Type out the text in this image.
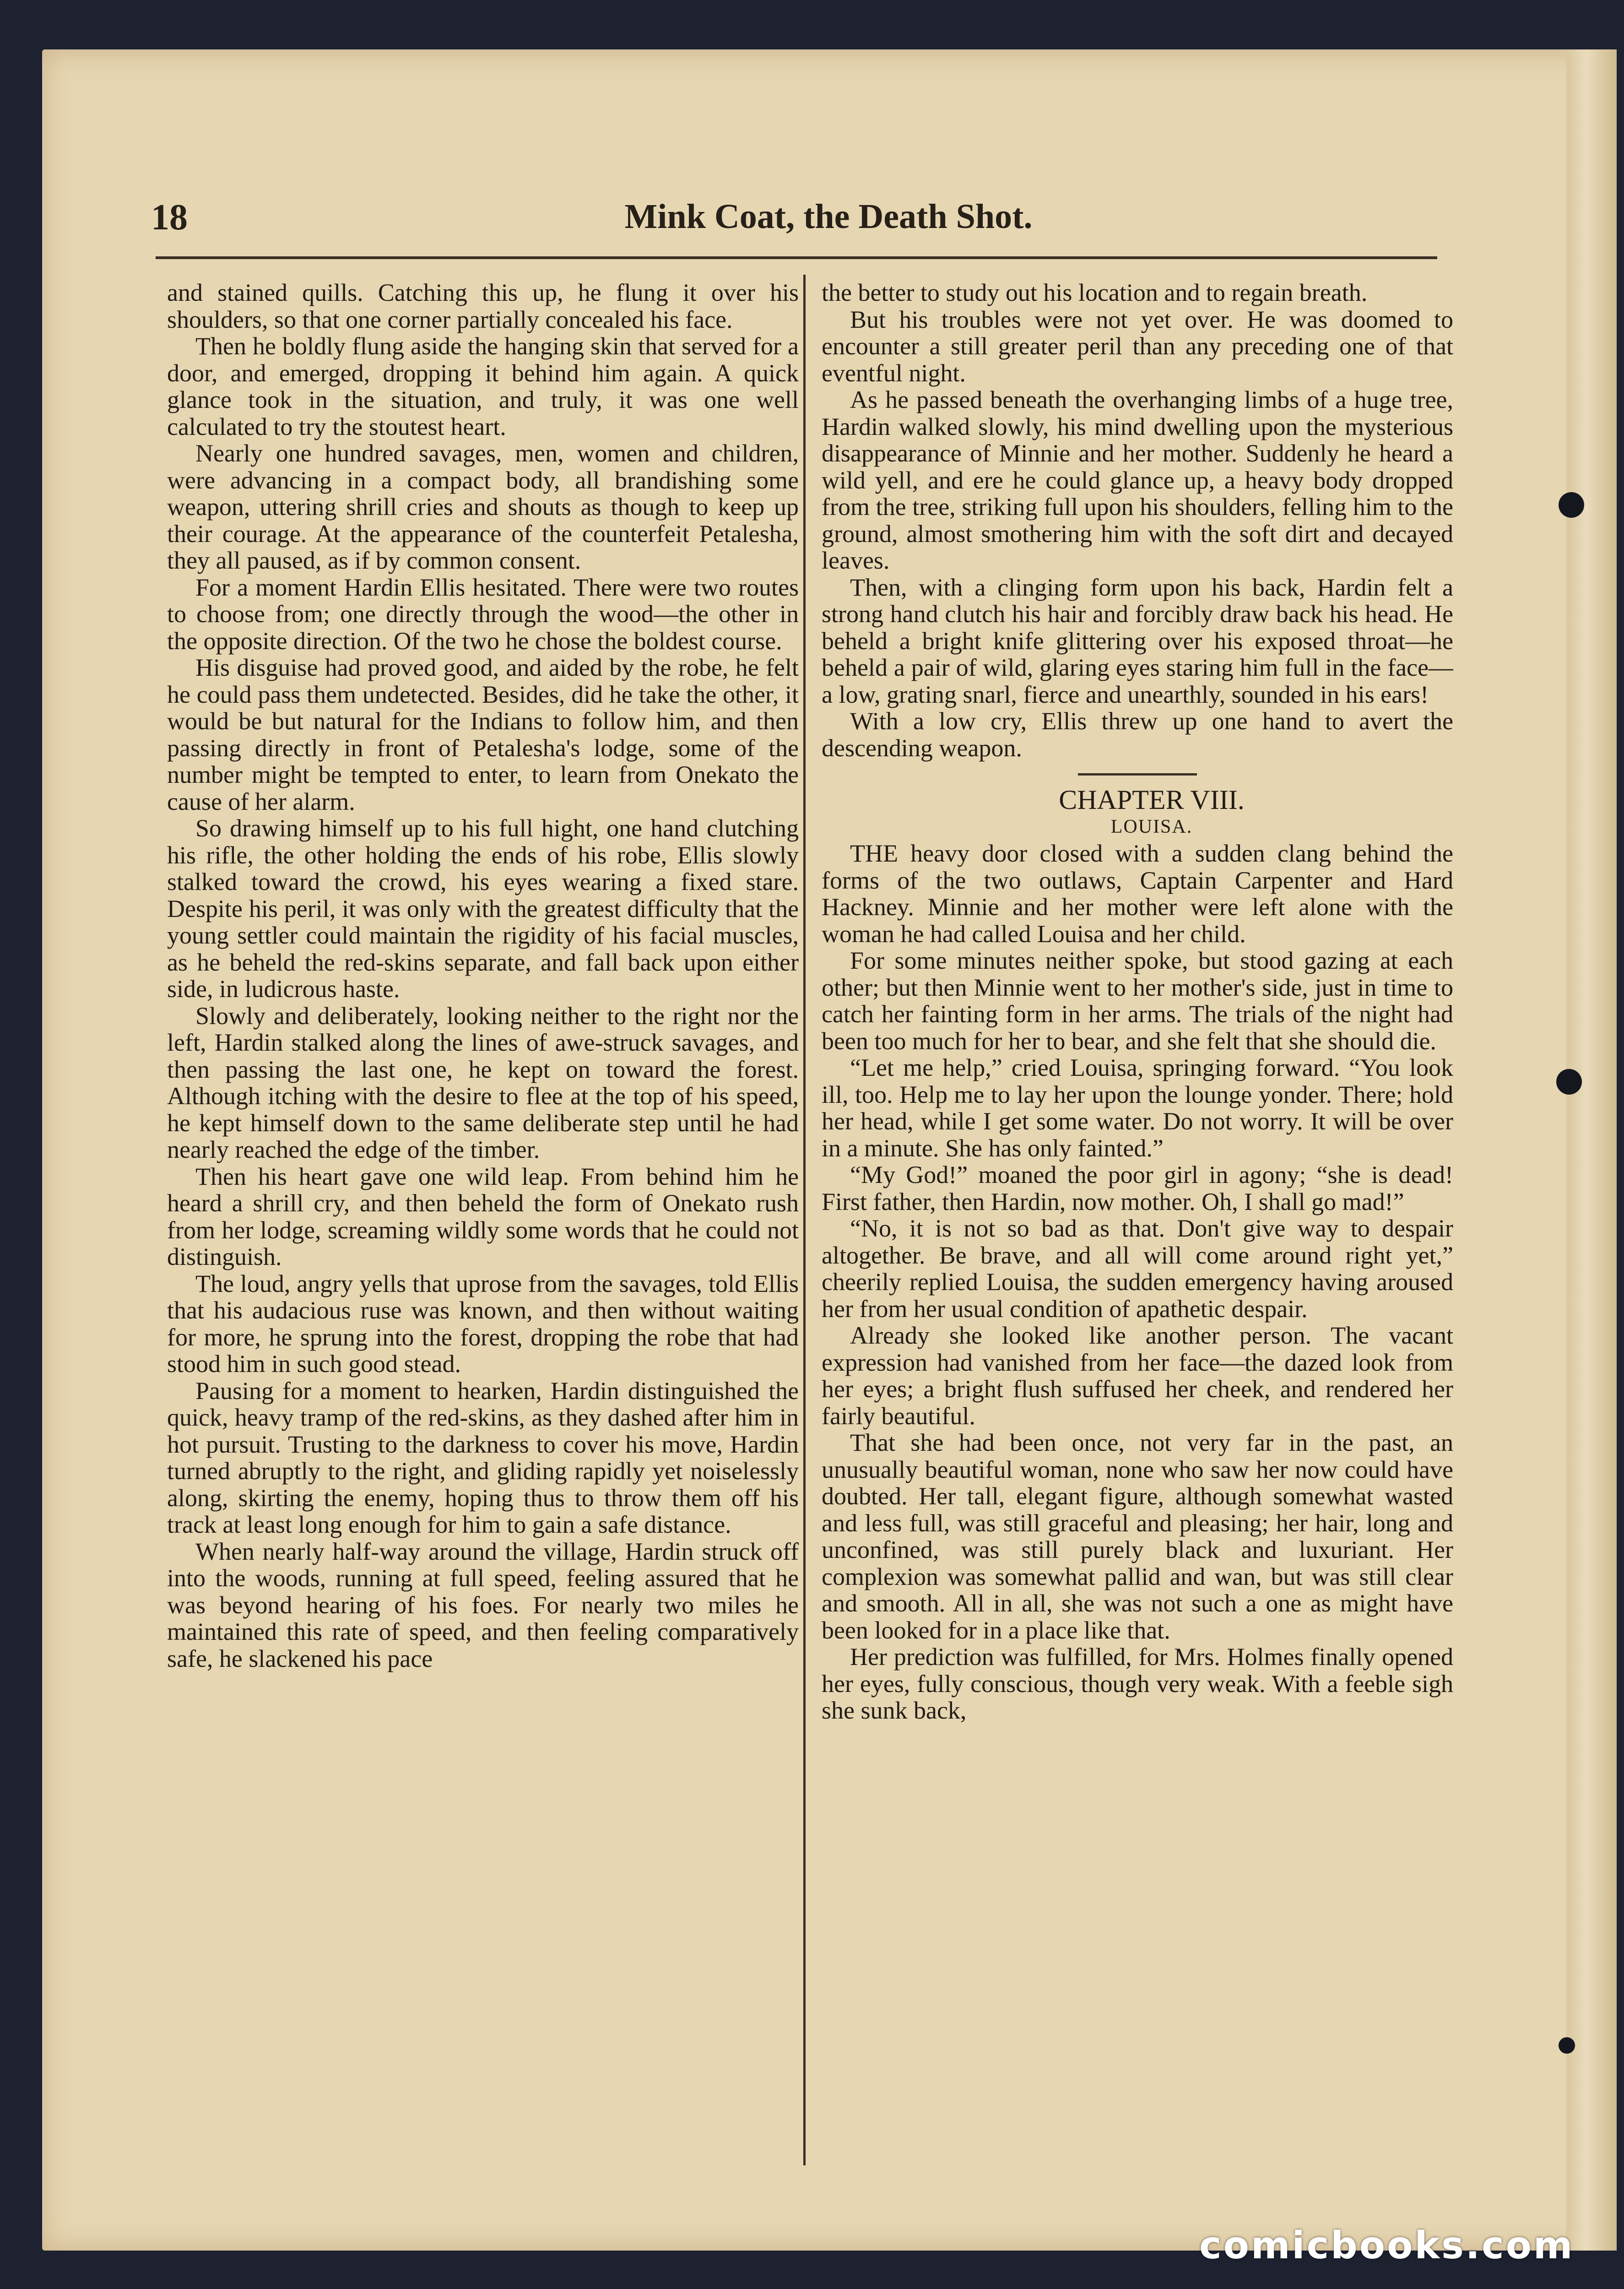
18	Mink Coat, the Death Shot.

and stained quills. Catching this up, he flung it over his shoulders, so that one corner partially concealed his face.

Then he boldly flung aside the hanging skin that served for a door, and emerged, dropping it behind him again. A quick glance took in the situation, and truly, it was one well calculated to try the stoutest heart.

Nearly one hundred savages, men, women and children, were advancing in a compact body, all brandishing some weapon, uttering shrill cries and shouts as though to keep up their courage. At the appearance of the counterfeit Petalesha, they all paused, as if by common consent.

For a moment Hardin Ellis hesitated. There were two routes to choose from; one directly through the wood—the other in the opposite direction. Of the two he chose the boldest course.

His disguise had proved good, and aided by the robe, he felt he could pass them undetected. Besides, did he take the other, it would be but natural for the Indians to follow him, and then passing directly in front of Petalesha's lodge, some of the number might be tempted to enter, to learn from Onekato the cause of her alarm.

So drawing himself up to his full hight, one hand clutching his rifle, the other holding the ends of his robe, Ellis slowly stalked toward the crowd, his eyes wearing a fixed stare. Despite his peril, it was only with the greatest difficulty that the young settler could maintain the rigidity of his facial muscles, as he beheld the red-skins separate, and fall back upon either side, in ludicrous haste.

Slowly and deliberately, looking neither to the right nor the left, Hardin stalked along the lines of awe-struck savages, and then passing the last one, he kept on toward the forest. Although itching with the desire to flee at the top of his speed, he kept himself down to the same deliberate step until he had nearly reached the edge of the timber.

Then his heart gave one wild leap. From behind him he heard a shrill cry, and then beheld the form of Onekato rush from her lodge, screaming wildly some words that he could not distinguish.

The loud, angry yells that uprose from the savages, told Ellis that his audacious ruse was known, and then without waiting for more, he sprung into the forest, dropping the robe that had stood him in such good stead.

Pausing for a moment to hearken, Hardin distinguished the quick, heavy tramp of the red-skins, as they dashed after him in hot pursuit. Trusting to the darkness to cover his move, Hardin turned abruptly to the right, and gliding rapidly yet noiselessly along, skirting the enemy, hoping thus to throw them off his track at least long enough for him to gain a safe distance.

When nearly half-way around the village, Hardin struck off into the woods, running at full speed, feeling assured that he was beyond hearing of his foes. For nearly two miles he maintained this rate of speed, and then feeling comparatively safe, he slackened his pace

the better to study out his location and to regain breath.

But his troubles were not yet over. He was doomed to encounter a still greater peril than any preceding one of that eventful night.

As he passed beneath the overhanging limbs of a huge tree, Hardin walked slowly, his mind dwelling upon the mysterious disappearance of Minnie and her mother. Suddenly he heard a wild yell, and ere he could glance up, a heavy body dropped from the tree, striking full upon his shoulders, felling him to the ground, almost smothering him with the soft dirt and decayed leaves.

Then, with a clinging form upon his back, Hardin felt a strong hand clutch his hair and forcibly draw back his head. He beheld a bright knife glittering over his exposed throat—he beheld a pair of wild, glaring eyes staring him full in the face—a low, grating snarl, fierce and unearthly, sounded in his ears!

With a low cry, Ellis threw up one hand to avert the descending weapon.

CHAPTER VIII.

LOUISA.

THE heavy door closed with a sudden clang behind the forms of the two outlaws, Captain Carpenter and Hard Hackney. Minnie and her mother were left alone with the woman he had called Louisa and her child.

For some minutes neither spoke, but stood gazing at each other; but then Minnie went to her mother's side, just in time to catch her fainting form in her arms. The trials of the night had been too much for her to bear, and she felt that she should die.

“Let me help,” cried Louisa, springing forward. “You look ill, too. Help me to lay her upon the lounge yonder. There; hold her head, while I get some water. Do not worry. It will be over in a minute. She has only fainted.”

“My God!” moaned the poor girl in agony; “she is dead! First father, then Hardin, now mother. Oh, I shall go mad!”

“No, it is not so bad as that. Don't give way to despair altogether. Be brave, and all will come around right yet,” cheerily replied Louisa, the sudden emergency having aroused her from her usual condition of apathetic despair.

Already she looked like another person. The vacant expression had vanished from her face—the dazed look from her eyes; a bright flush suffused her cheek, and rendered her fairly beautiful.

That she had been once, not very far in the past, an unusually beautiful woman, none who saw her now could have doubted. Her tall, elegant figure, although somewhat wasted and less full, was still graceful and pleasing; her hair, long and unconfined, was still purely black and luxuriant. Her complexion was somewhat pallid and wan, but was still clear and smooth. All in all, she was not such a one as might have been looked for in a place like that.

Her prediction was fulfilled, for Mrs. Holmes finally opened her eyes, fully conscious, though very weak. With a feeble sigh she sunk back,

comicbooks.com
